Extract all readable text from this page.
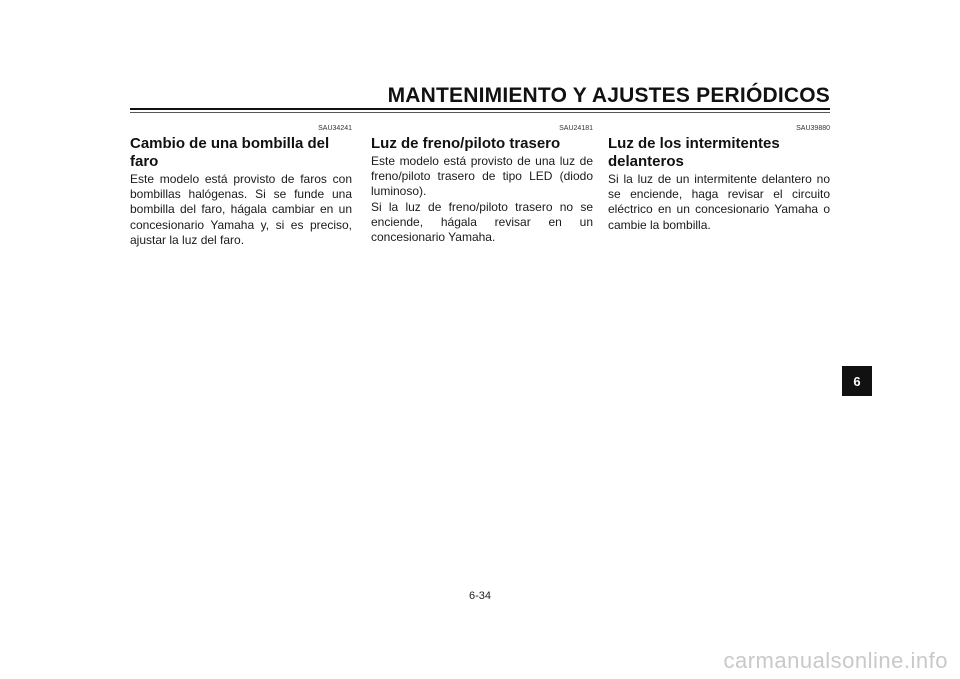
MANTENIMIENTO Y AJUSTES PERIÓDICOS
SAU34241
Cambio de una bombilla del faro

Este modelo está provisto de faros con bombillas halógenas. Si se funde una bombilla del faro, hágala cambiar en un concesionario Yamaha y, si es preciso, ajustar la luz del faro.

SAU24181
Luz de freno/piloto trasero

Este modelo está provisto de una luz de freno/piloto trasero de tipo LED (diodo luminoso).

Si la luz de freno/piloto trasero no se enciende, hágala revisar en un concesionario Yamaha.

SAU39880
Luz de los intermitentes delanteros

Si la luz de un intermitente delantero no se enciende, haga revisar el circuito eléctrico en un concesionario Yamaha o cambie la bombilla.

6-34
6
carmanualsonline.info
